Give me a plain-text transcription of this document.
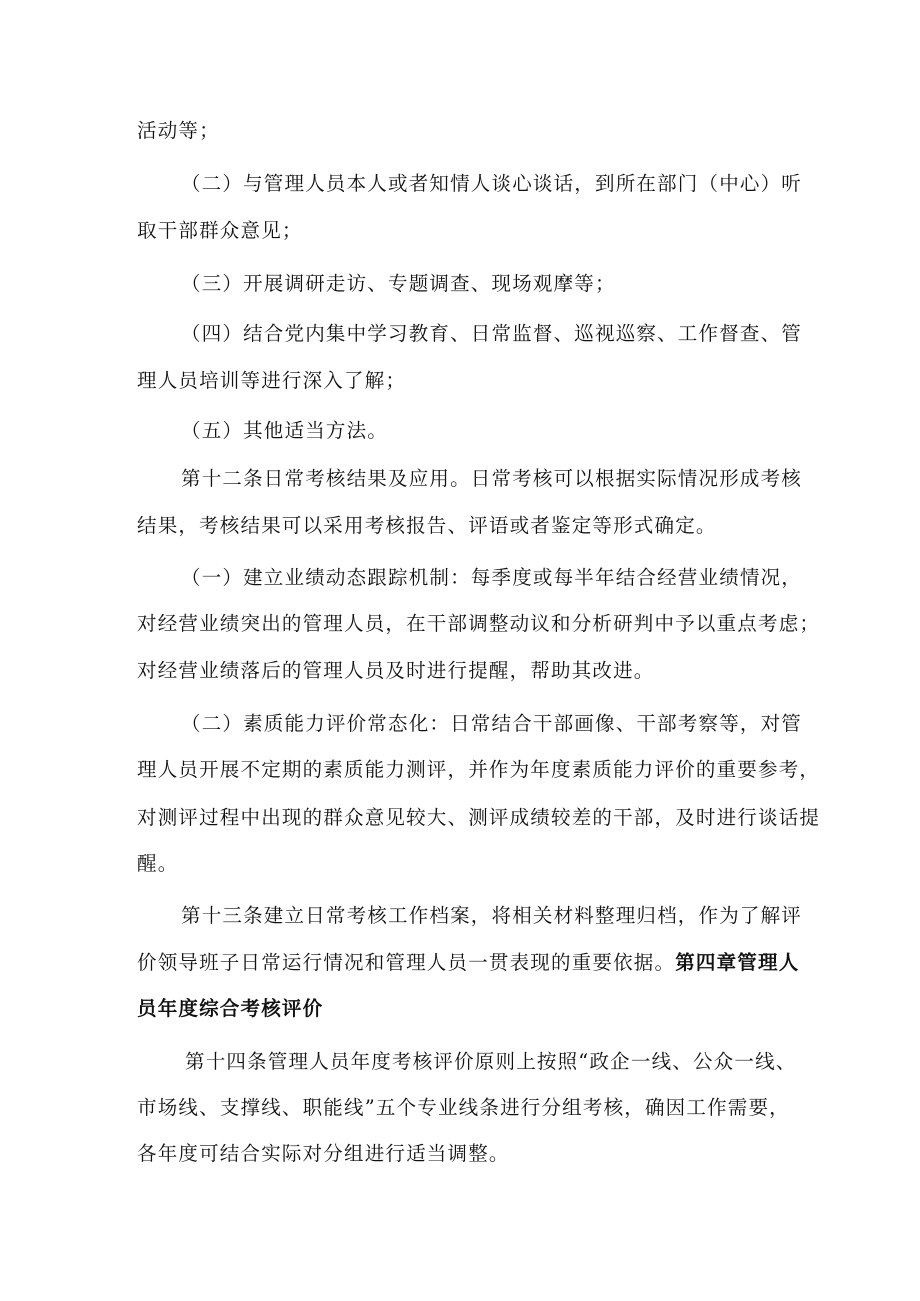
活动等；
（二）与管理人员本人或者知情人谈心谈话，到所在部门（中心）听
取干部群众意见；
（三）开展调研走访、专题调查、现场观摩等；
（四）结合党内集中学习教育、日常监督、巡视巡察、工作督查、管
理人员培训等进行深入了解；
（五）其他适当方法。
第十二条日常考核结果及应用。日常考核可以根据实际情况形成考核
结果，考核结果可以采用考核报告、评语或者鉴定等形式确定。
（一）建立业绩动态跟踪机制：每季度或每半年结合经营业绩情况，
对经营业绩突出的管理人员，在干部调整动议和分析研判中予以重点考虑；
对经营业绩落后的管理人员及时进行提醒，帮助其改进。
（二）素质能力评价常态化：日常结合干部画像、干部考察等，对管
理人员开展不定期的素质能力测评，并作为年度素质能力评价的重要参考，
对测评过程中出现的群众意见较大、测评成绩较差的干部，及时进行谈话提
醒。
第十三条建立日常考核工作档案，将相关材料整理归档，作为了解评
价领导班子日常运行情况和管理人员一贯表现的重要依据。第四章管理人
员年度综合考核评价
第十四条管理人员年度考核评价原则上按照“政企一线、公众一线、
市场线、支撑线、职能线”五个专业线条进行分组考核，确因工作需要，
各年度可结合实际对分组进行适当调整。
